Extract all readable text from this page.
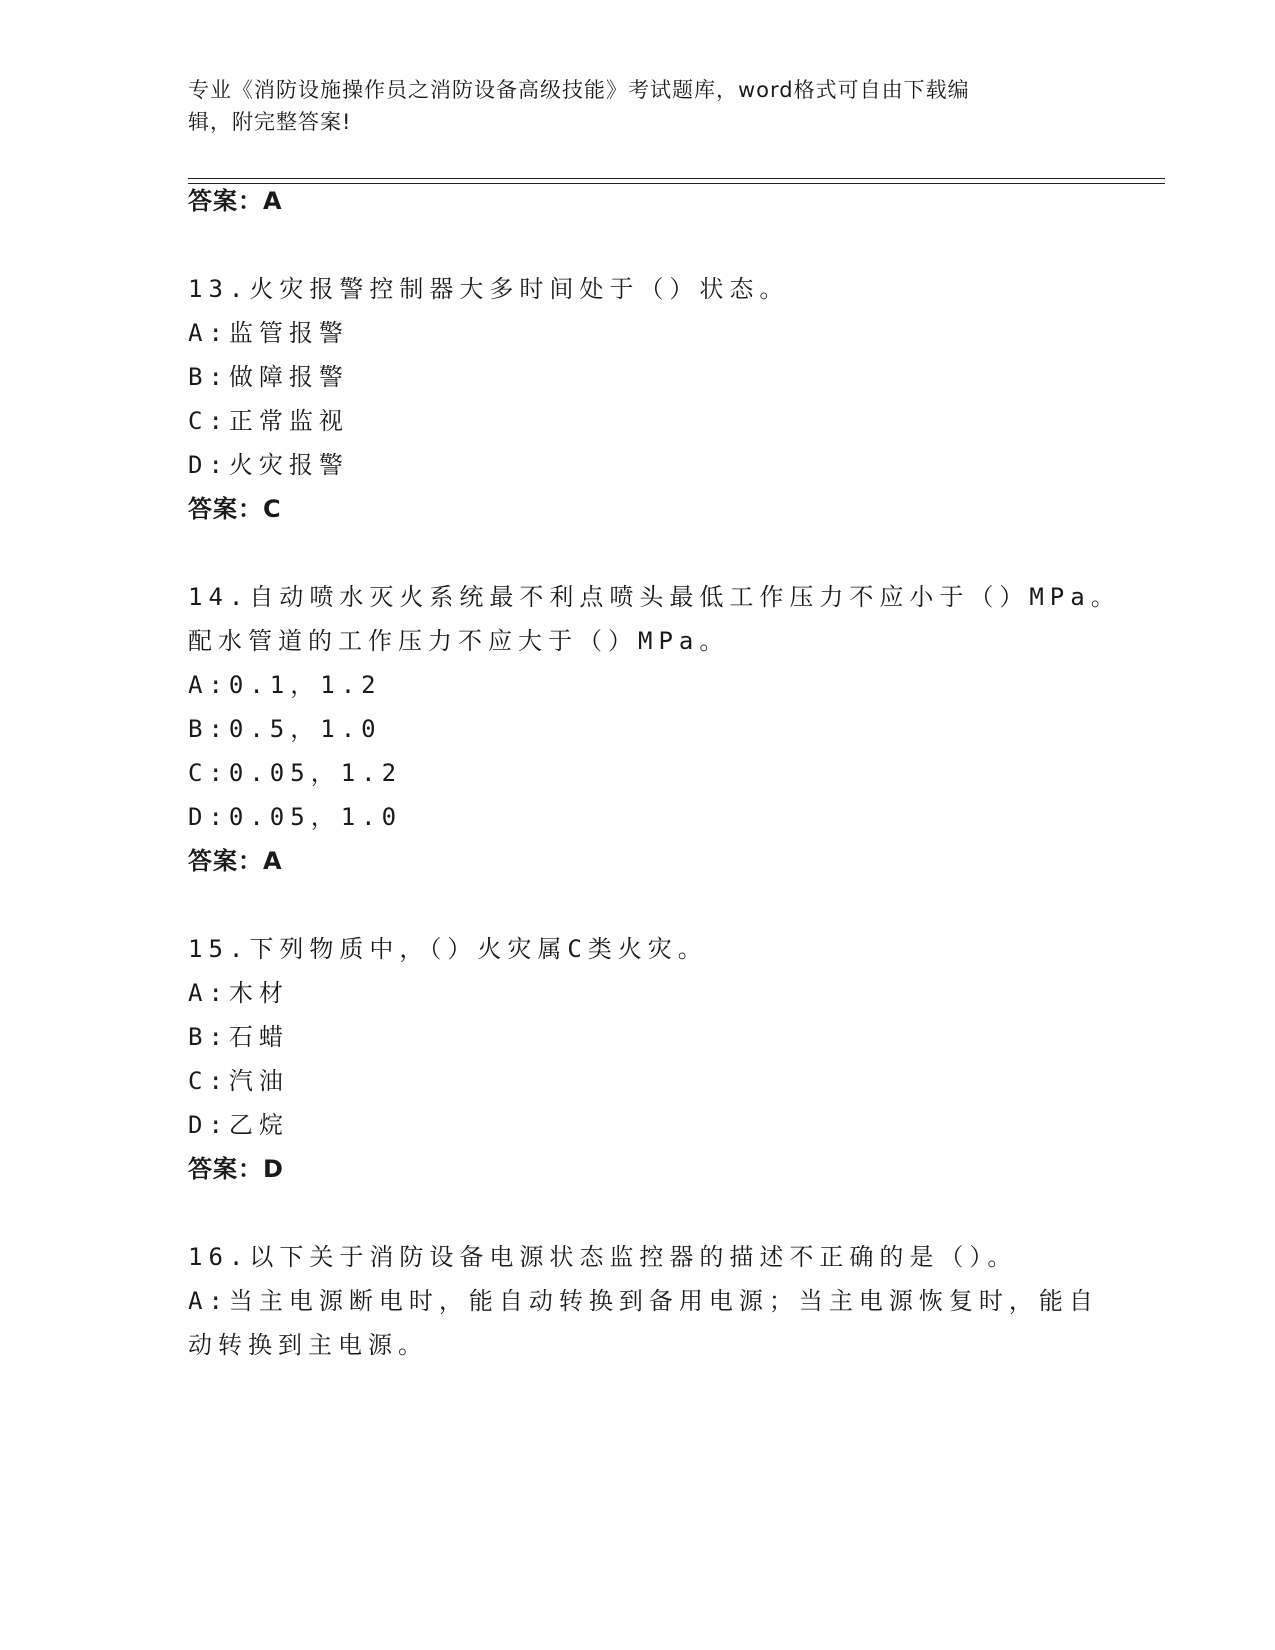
专业《消防设施操作员之消防设备高级技能》考试题库，word格式可自由下载编
辑，附完整答案!
答案：A
13.火灾报警控制器大多时间处于（）状态。
A:监管报警
B:做障报警
C:正常监视
D:火灾报警
答案：C
14.自动喷水灭火系统最不利点喷头最低工作压力不应小于（）MPa。
配水管道的工作压力不应大于（）MPa。
A:0.1，1.2
B:0.5，1.0
C:0.05，1.2
D:0.05，1.0
答案：A
15.下列物质中，（）火灾属C类火灾。
A:木材
B:石蜡
C:汽油
D:乙烷
答案：D
16.以下关于消防设备电源状态监控器的描述不正确的是（）。
A:当主电源断电时，能自动转换到备用电源；当主电源恢复时，能自
动转换到主电源。
